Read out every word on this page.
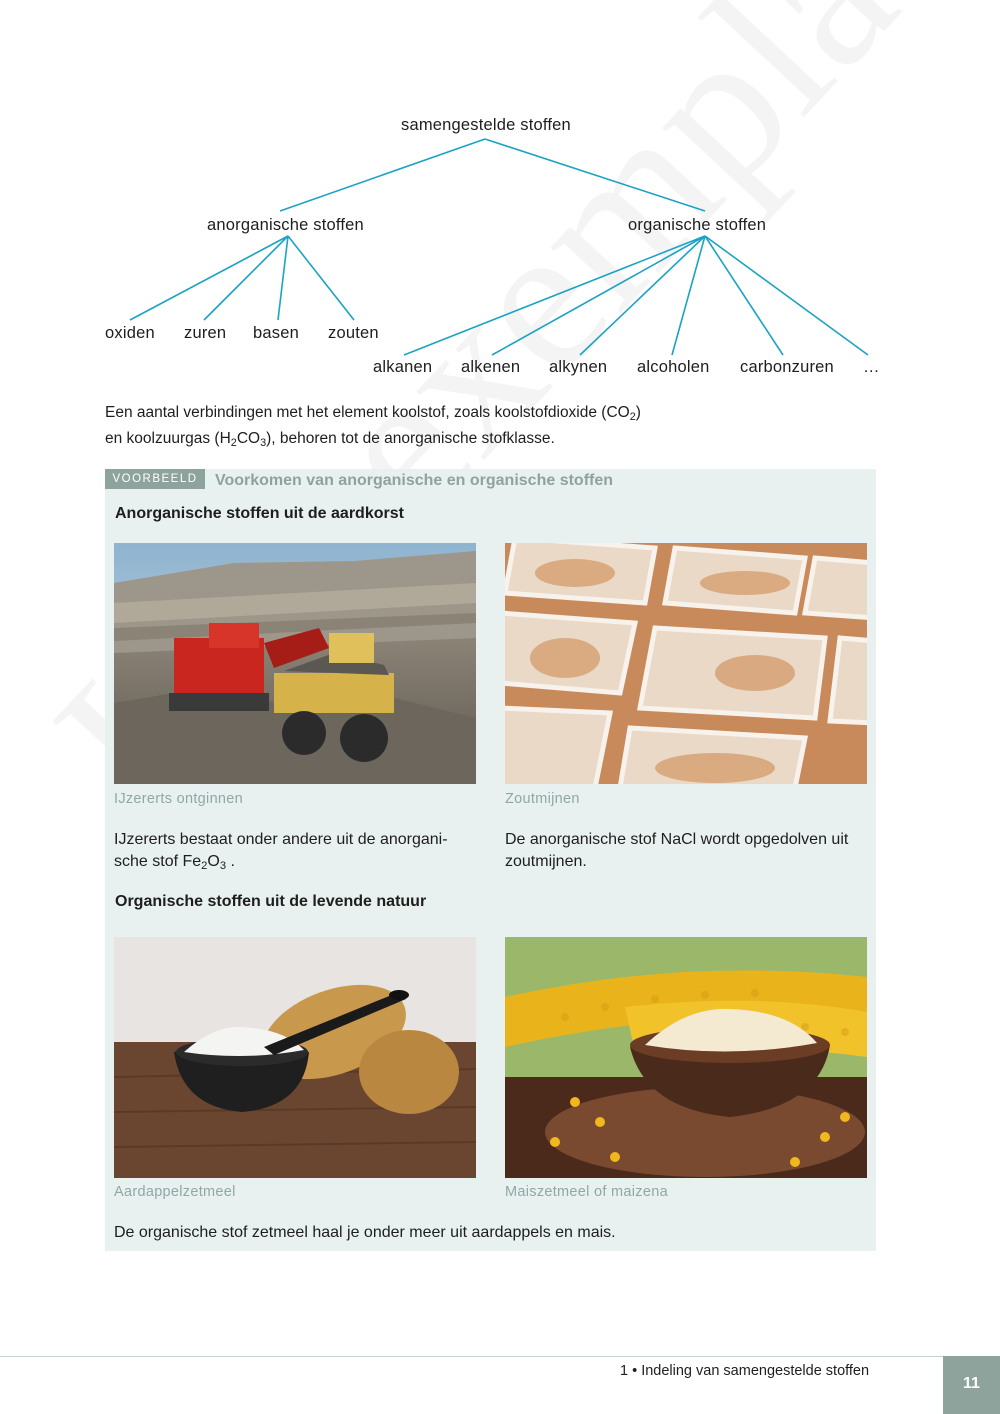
samengestelde stoffen
anorganische stoffen	organische stoffen
oxiden zuren basen zouten
alkanen alkenen alkynen alcoholen carbonzuren …
Een aantal verbindingen met het element koolstof, zoals koolstofdioxide $(CO_2)$
en koolzuurgas $(H_2CO_3)$, behoren tot de anorganische stofklasse.
VOORBEELD	Voorkomen van anorganische en organische stoffen
Anorganische stoffen uit de aardkorst
IJzererts ontginnen	Zoutmijnen
IJzererts bestaat onder andere uit de anorgani-
sche stof $Fe_2O_3$ .
De anorganische stof NaCl wordt opgedolven uit zoutmijnen.
Organische stoffen uit de levende natuur
Aardappelzetmeel	Maiszetmeel of maizena
De organische stof zetmeel haal je onder meer uit aardappels en mais.
1 • Indeling van samengestelde stoffen
11
